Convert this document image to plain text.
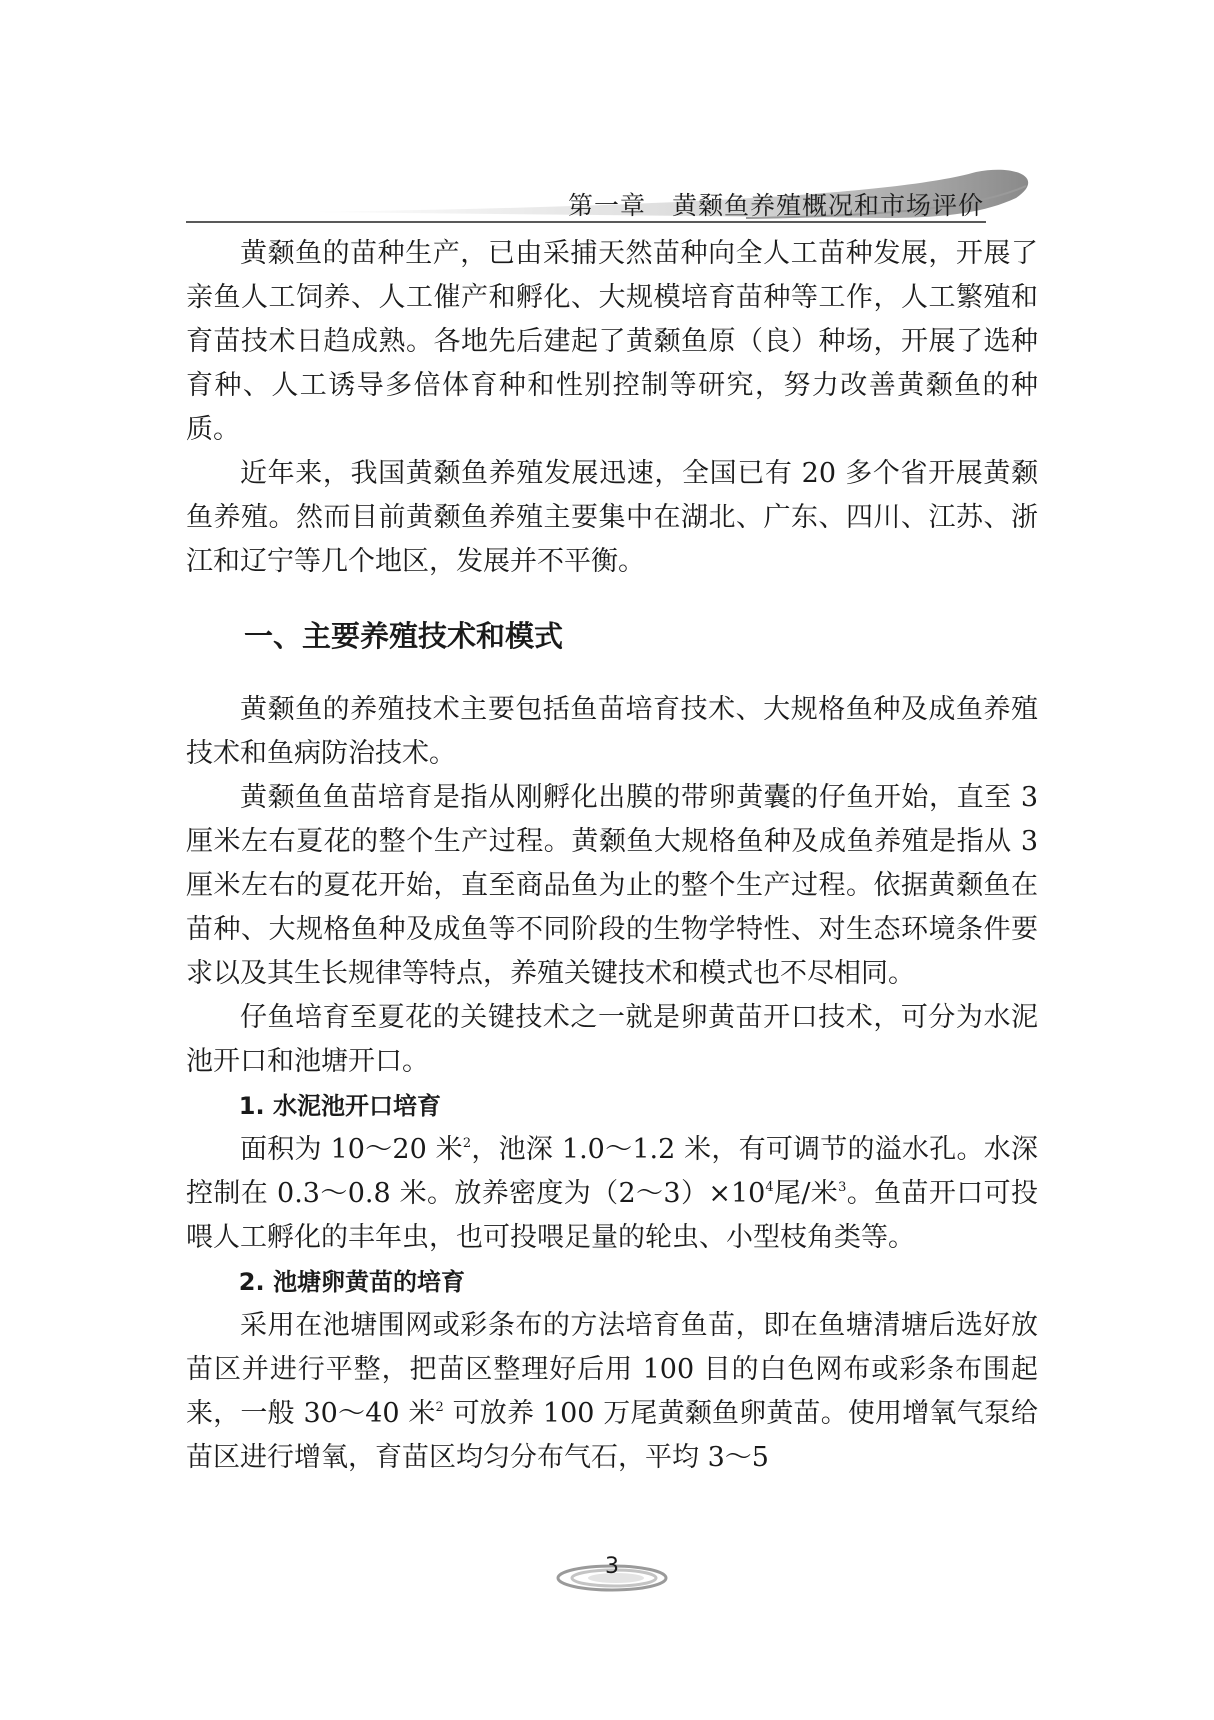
第一章　黄颡鱼养殖概况和市场评价

黄颡鱼的苗种生产，已由采捕天然苗种向全人工苗种发展，开展了亲鱼人工饲养、人工催产和孵化、大规模培育苗种等工作，人工繁殖和育苗技术日趋成熟。各地先后建起了黄颡鱼原（良）种场，开展了选种育种、人工诱导多倍体育种和性别控制等研究，努力改善黄颡鱼的种质。

近年来，我国黄颡鱼养殖发展迅速，全国已有 20 多个省开展黄颡鱼养殖。然而目前黄颡鱼养殖主要集中在湖北、广东、四川、江苏、浙江和辽宁等几个地区，发展并不平衡。

一、主要养殖技术和模式

黄颡鱼的养殖技术主要包括鱼苗培育技术、大规格鱼种及成鱼养殖技术和鱼病防治技术。

黄颡鱼鱼苗培育是指从刚孵化出膜的带卵黄囊的仔鱼开始，直至 3 厘米左右夏花的整个生产过程。黄颡鱼大规格鱼种及成鱼养殖是指从 3 厘米左右的夏花开始，直至商品鱼为止的整个生产过程。依据黄颡鱼在苗种、大规格鱼种及成鱼等不同阶段的生物学特性、对生态环境条件要求以及其生长规律等特点，养殖关键技术和模式也不尽相同。

仔鱼培育至夏花的关键技术之一就是卵黄苗开口技术，可分为水泥池开口和池塘开口。

1. 水泥池开口培育

面积为 10～20 米$^2$，池深 1.0～1.2 米，有可调节的溢水孔。水深控制在 0.3～0.8 米。放养密度为$(2\sim 3)\times 10^4$尾/米$^3$。鱼苗开口可投喂人工孵化的丰年虫，也可投喂足量的轮虫、小型枝角类等。

2. 池塘卵黄苗的培育

采用在池塘围网或彩条布的方法培育鱼苗，即在鱼塘清塘后选好放苗区并进行平整，把苗区整理好后用 100 目的白色网布或彩条布围起来，一般 30～40 米$^2$ 可放养 100 万尾黄颡鱼卵黄苗。使用增氧气泵给苗区进行增氧，育苗区均匀分布气石，平均 3～5

3
